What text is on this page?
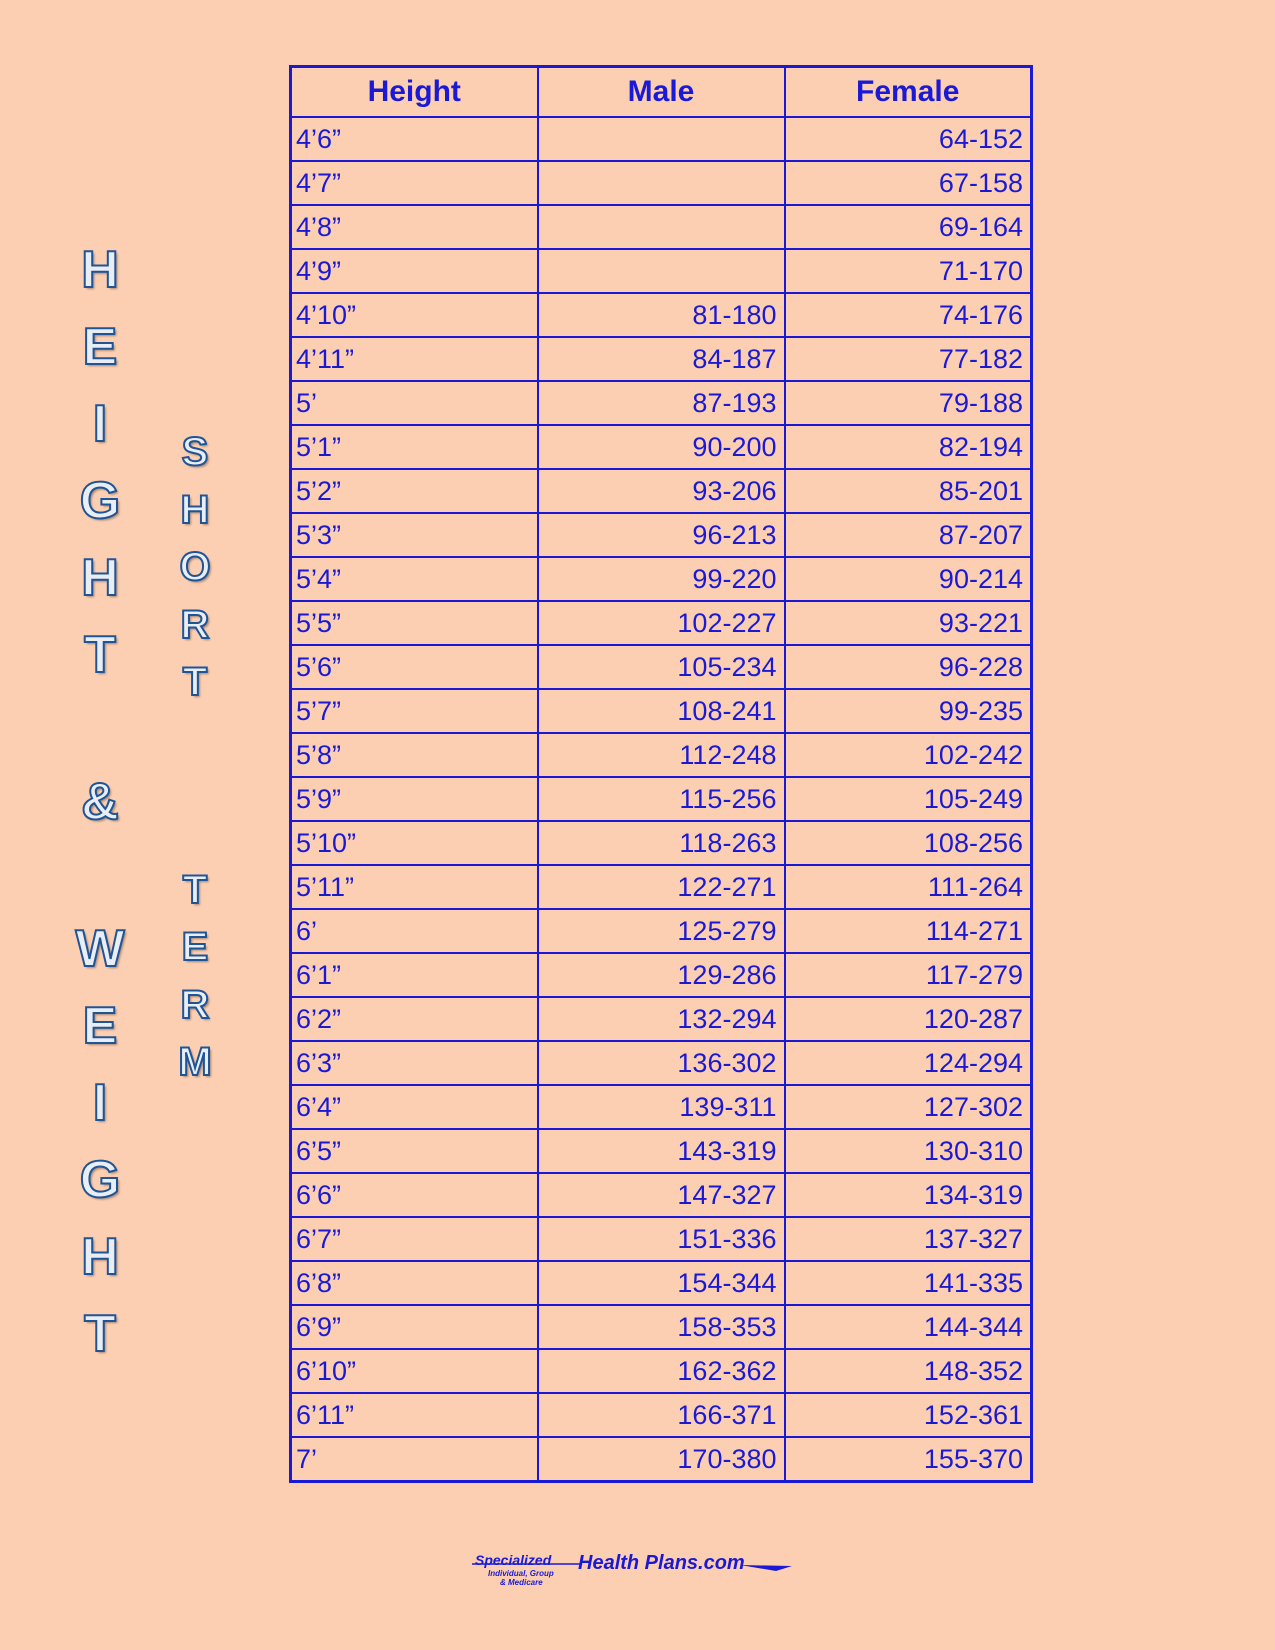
H
E
I
G
H
T
&
W
E
I
G
H
T
S
H
O
R
T
T
E
R
M
Height	Male	Female
4’6”		64-152
4’7”		67-158
4’8”		69-164
4’9”		71-170
4’10”	81-180	74-176
4’11”	84-187	77-182
5’	87-193	79-188
5’1”	90-200	82-194
5’2”	93-206	85-201
5’3”	96-213	87-207
5’4”	99-220	90-214
5’5”	102-227	93-221
5’6”	105-234	96-228
5’7”	108-241	99-235
5’8”	112-248	102-242
5’9”	115-256	105-249
5’10”	118-263	108-256
5’11”	122-271	111-264
6’	125-279	114-271
6’1”	129-286	117-279
6’2”	132-294	120-287
6’3”	136-302	124-294
6’4”	139-311	127-302
6’5”	143-319	130-310
6’6”	147-327	134-319
6’7”	151-336	137-327
6’8”	154-344	141-335
6’9”	158-353	144-344
6’10”	162-362	148-352
6’11”	166-371	152-361
7’	170-380	155-370
Specialized
Individual, Group
& Medicare
Health Plans.com
